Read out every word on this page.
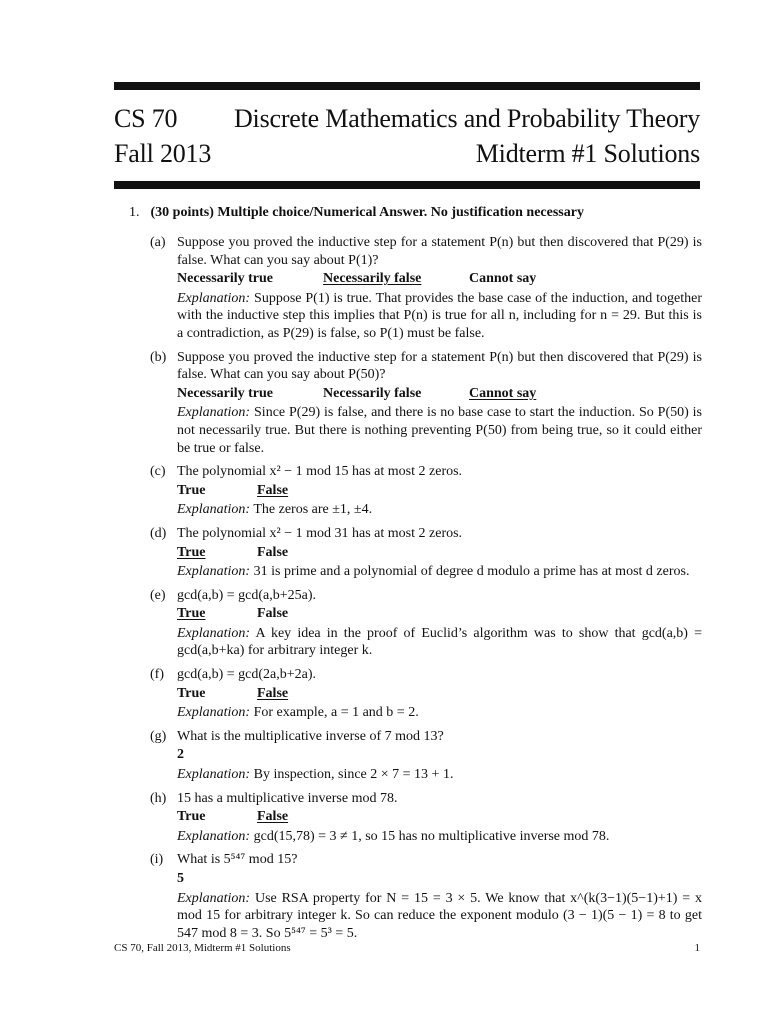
CS 70
Fall 2013
Discrete Mathematics and Probability Theory
Midterm #1 Solutions
1. (30 points) Multiple choice/Numerical Answer. No justification necessary
(a) Suppose you proved the inductive step for a statement P(n) but then discovered that P(29) is false. What can you say about P(1)?

Necessarily true	Necessarily false	Cannot say

Explanation: Suppose P(1) is true. That provides the base case of the induction, and together with the inductive step this implies that P(n) is true for all n, including for n = 29. But this is a contradiction, as P(29) is false, so P(1) must be false.

(b) Suppose you proved the inductive step for a statement P(n) but then discovered that P(29) is false. What can you say about P(50)?

Necessarily true	Necessarily false	Cannot say

Explanation: Since P(29) is false, and there is no base case to start the induction. So P(50) is not necessarily true. But there is nothing preventing P(50) from being true, so it could either be true or false.

(c) The polynomial x² − 1 mod 15 has at most 2 zeros.

True	False

Explanation: The zeros are ±1, ±4.

(d) The polynomial x² − 1 mod 31 has at most 2 zeros.

True	False

Explanation: 31 is prime and a polynomial of degree d modulo a prime has at most d zeros.

(e) gcd(a,b) = gcd(a,b+25a).

True	False

Explanation: A key idea in the proof of Euclid’s algorithm was to show that gcd(a,b) = gcd(a,b+ka) for arbitrary integer k.

(f) gcd(a,b) = gcd(2a,b+2a).

True	False

Explanation: For example, a = 1 and b = 2.

(g) What is the multiplicative inverse of 7 mod 13?

2

Explanation: By inspection, since 2 × 7 = 13 + 1.

(h) 15 has a multiplicative inverse mod 78.

True	False

Explanation: gcd(15,78) = 3 ≠ 1, so 15 has no multiplicative inverse mod 78.

(i) What is 5⁵⁴⁷ mod 15?

5

Explanation: Use RSA property for N = 15 = 3 × 5. We know that x^(k(3−1)(5−1)+1) = x mod 15 for arbitrary integer k. So can reduce the exponent modulo (3 − 1)(5 − 1) = 8 to get 547 mod 8 = 3. So 5⁵⁴⁷ = 5³ = 5.

CS 70, Fall 2013, Midterm #1 Solutions	1
